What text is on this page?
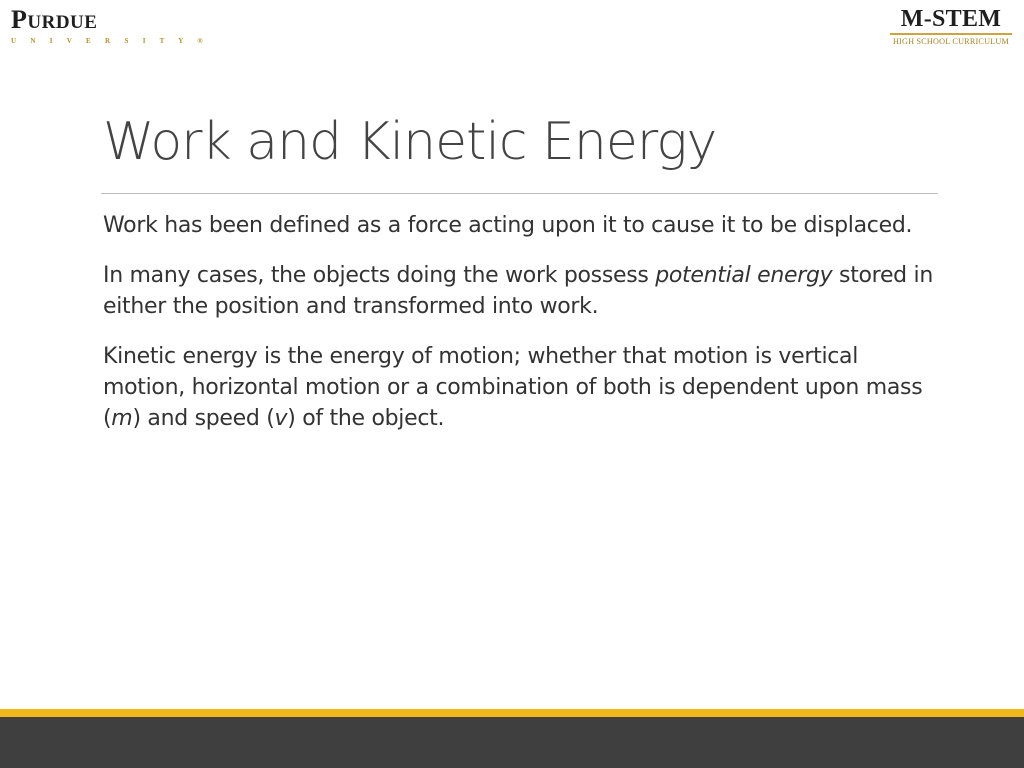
PURDUE
U N I V E R S I T Y ®
M-STEM
HIGH SCHOOL CURRICULUM
Work and Kinetic Energy

Work has been defined as a force acting upon it to cause it to be displaced.

In many cases, the objects doing the work possess potential energy stored in either the position and transformed into work.

Kinetic energy is the energy of motion; whether that motion is vertical motion, horizontal motion or a combination of both is dependent upon mass (m) and speed (v) of the object.
